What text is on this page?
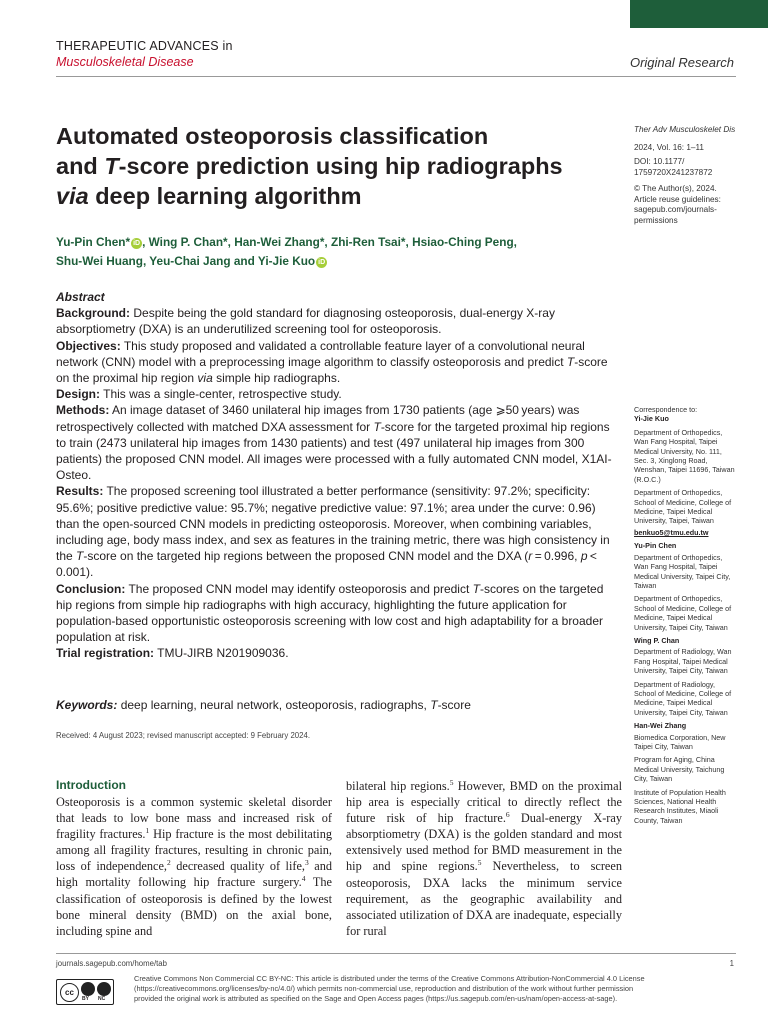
THERAPEUTIC ADVANCES in
Musculoskeletal Disease	Original Research
Automated osteoporosis classification
and T-score prediction using hip radiographs
via deep learning algorithm
Ther Adv Musculoskelet Dis
2024, Vol. 16: 1–11
DOI: 10.1177/
1759720X241237872
© The Author(s), 2024.
Article reuse guidelines:
sagepub.com/journals-
permissions
Yu-Pin Chen* iD , Wing P. Chan*, Han-Wei Zhang*, Zhi-Ren Tsai*, Hsiao-Ching Peng,
Shu-Wei Huang, Yeu-Chai Jang and Yi-Jie Kuo iD

Abstract

Background: Despite being the gold standard for diagnosing osteoporosis, dual-energy X-ray absorptiometry (DXA) is an underutilized screening tool for osteoporosis.

Objectives: This study proposed and validated a controllable feature layer of a convolutional neural network (CNN) model with a preprocessing image algorithm to classify osteoporosis and predict T-score on the proximal hip region via simple hip radiographs.

Design: This was a single-center, retrospective study.

Methods: An image dataset of 3460 unilateral hip images from 1730 patients (age ⩾50 years) was retrospectively collected with matched DXA assessment for T-score for the targeted proximal hip regions to train (2473 unilateral hip images from 1430 patients) and test (497 unilateral hip images from 300 patients) the proposed CNN model. All images were processed with a fully automated CNN model, X1AI-Osteo.

Results: The proposed screening tool illustrated a better performance (sensitivity: 97.2%; specificity: 95.6%; positive predictive value: 95.7%; negative predictive value: 97.1%; area under the curve: 0.96) than the open-sourced CNN models in predicting osteoporosis. Moreover, when combining variables, including age, body mass index, and sex as features in the training metric, there was high consistency in the T-score on the targeted hip regions between the proposed CNN model and the DXA (r = 0.996, p < 0.001).

Conclusion: The proposed CNN model may identify osteoporosis and predict T-scores on the targeted hip regions from simple hip radiographs with high accuracy, highlighting the future application for population-based opportunistic osteoporosis screening with low cost and high adaptability for a broader population at risk.

Trial registration: TMU-JIRB N201909036.

Keywords: deep learning, neural network, osteoporosis, radiographs, T-score
Received: 4 August 2023; revised manuscript accepted: 9 February 2024.
Introduction
Osteoporosis is a common systemic skeletal disorder that leads to low bone mass and increased risk of fragility fractures.$^1$ Hip fracture is the most debilitating among all fragility fractures, resulting in chronic pain, loss of independence,$^2$ decreased quality of life,$^3$ and high mortality following hip fracture surgery.$^4$ The classification of osteoporosis is defined by the lowest bone mineral density (BMD) on the axial bone, including spine and
bilateral hip regions.$^5$ However, BMD on the proximal hip area is especially critical to directly reflect the future risk of hip fracture.$^6$ Dual-energy X-ray absorptiometry (DXA) is the golden standard and most extensively used method for BMD measurement in the hip and spine regions.$^5$ Nevertheless, to screen osteoporosis, DXA lacks the minimum service requirement, as the geographic availability and associated utilization of DXA are inadequate, especially for rural

Correspondence to:
Yi-Jie Kuo

Department of Orthopedics, Wan Fang Hospital, Taipei Medical University, No. 111, Sec. 3, Xinglong Road, Wenshan, Taipei 11696, Taiwan (R.O.C.)

Department of Orthopedics, School of Medicine, College of Medicine, Taipei Medical University, Taipei, Taiwan

benkuo5@tmu.edu.tw

Yu-Pin Chen

Department of Orthopedics, Wan Fang Hospital, Taipei Medical University, Taipei City, Taiwan

Department of Orthopedics, School of Medicine, College of Medicine, Taipei Medical University, Taipei City, Taiwan

Wing P. Chan

Department of Radiology, Wan Fang Hospital, Taipei Medical University, Taipei City, Taiwan

Department of Radiology, School of Medicine, College of Medicine, Taipei Medical University, Taipei City, Taiwan

Han-Wei Zhang

Biomedica Corporation, New Taipei City, Taiwan

Program for Aging, China Medical University, Taichung City, Taiwan

Institute of Population Health Sciences, National Health Research Institutes, Miaoli County, Taiwan

journals.sagepub.com/home/tab	1
cc
BY NC
Creative Commons Non Commercial CC BY-NC: This article is distributed under the terms of the Creative Commons Attribution-NonCommercial 4.0 License
(https://creativecommons.org/licenses/by-nc/4.0/) which permits non-commercial use, reproduction and distribution of the work without further permission
provided the original work is attributed as specified on the Sage and Open Access pages (https://us.sagepub.com/en-us/nam/open-access-at-sage).
